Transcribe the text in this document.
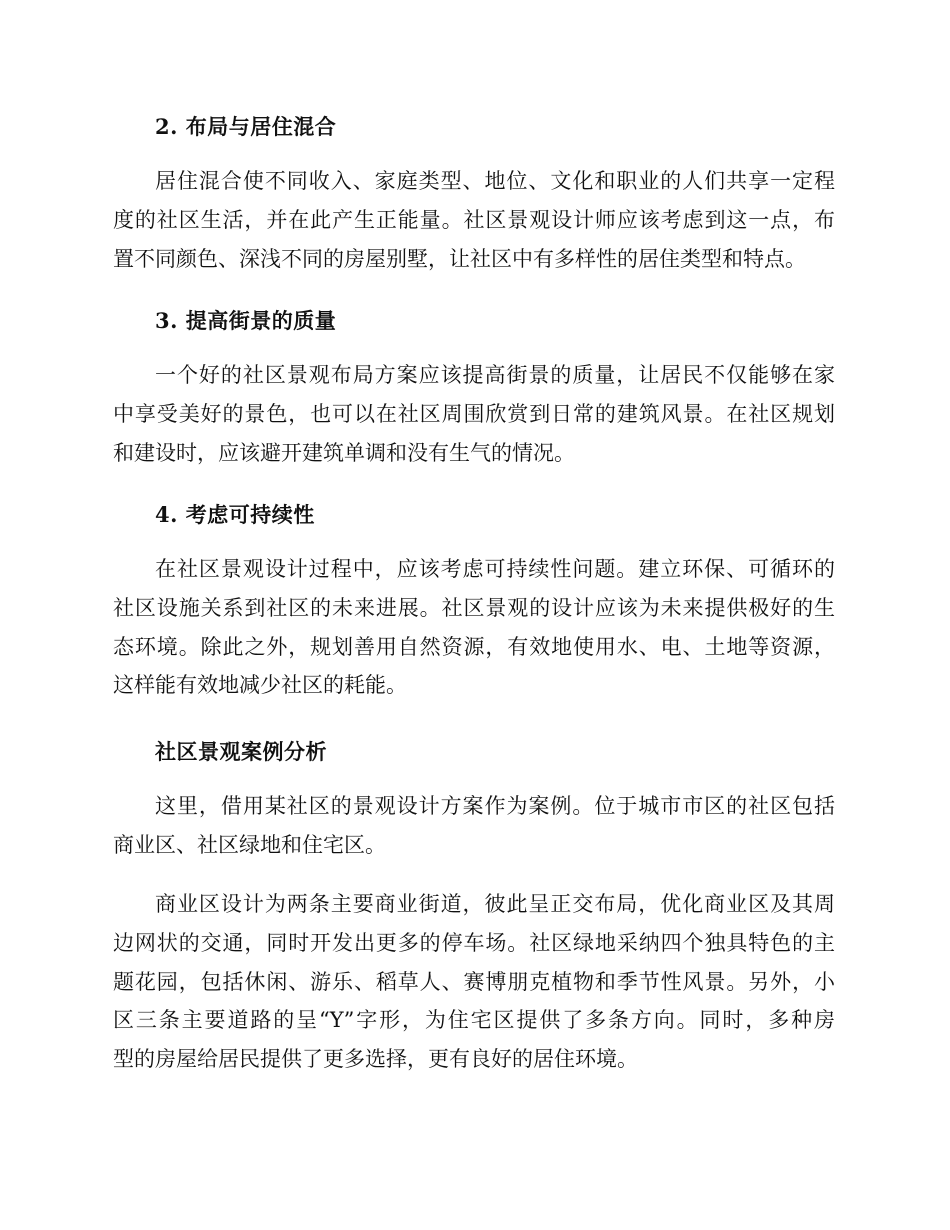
2. 布局与居住混合
居住混合使不同收入、家庭类型、地位、文化和职业的人们共享一定程
度的社区生活，并在此产生正能量。社区景观设计师应该考虑到这一点，布
置不同颜色、深浅不同的房屋别墅，让社区中有多样性的居住类型和特点。
3. 提高街景的质量
一个好的社区景观布局方案应该提高街景的质量，让居民不仅能够在家
中享受美好的景色，也可以在社区周围欣赏到日常的建筑风景。在社区规划
和建设时，应该避开建筑单调和没有生气的情况。
4. 考虑可持续性
在社区景观设计过程中，应该考虑可持续性问题。建立环保、可循环的
社区设施关系到社区的未来进展。社区景观的设计应该为未来提供极好的生
态环境。除此之外，规划善用自然资源，有效地使用水、电、土地等资源，
这样能有效地减少社区的耗能。
社区景观案例分析
这里，借用某社区的景观设计方案作为案例。位于城市市区的社区包括
商业区、社区绿地和住宅区。
商业区设计为两条主要商业街道，彼此呈正交布局，优化商业区及其周
边网状的交通，同时开发出更多的停车场。社区绿地采纳四个独具特色的主
题花园，包括休闲、游乐、稻草人、赛博朋克植物和季节性风景。另外，小
区三条主要道路的呈“Y”字形，为住宅区提供了多条方向。同时，多种房
型的房屋给居民提供了更多选择，更有良好的居住环境。
